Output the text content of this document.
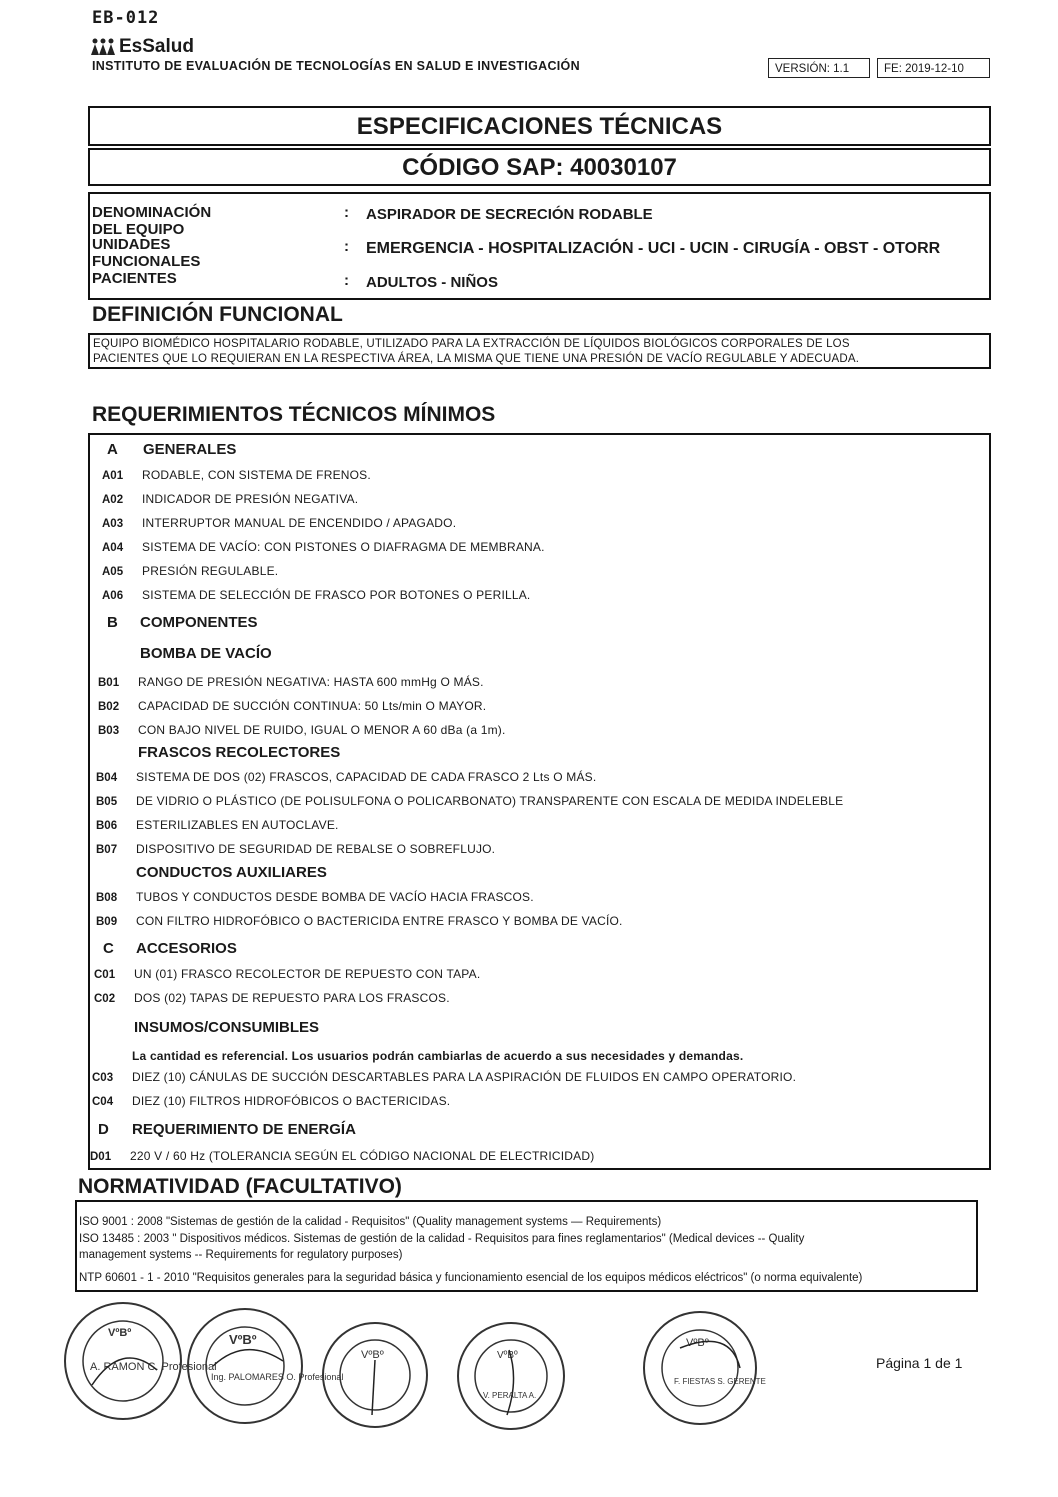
EB-012
EsSalud
INSTITUTO DE EVALUACIÓN DE TECNOLOGÍAS EN SALUD E INVESTIGACIÓN	VERSIÓN: 1.1	FE: 2019-12-10
ESPECIFICACIONES TÉCNICAS
CÓDIGO SAP: 40030107
DENOMINACIÓN DEL EQUIPO
: ASPIRADOR DE SECRECIÓN RODABLE
UNIDADES FUNCIONALES
: EMERGENCIA - HOSPITALIZACIÓN - UCI - UCIN - CIRUGÍA - OBST - OTORR
PACIENTES	: ADULTOS - NIÑOS
DEFINICIÓN FUNCIONAL
EQUIPO BIOMÉDICO HOSPITALARIO RODABLE, UTILIZADO PARA LA EXTRACCIÓN DE LÍQUIDOS BIOLÓGICOS CORPORALES DE LOS
PACIENTES QUE LO REQUIERAN EN LA RESPECTIVA ÁREA, LA MISMA QUE TIENE UNA PRESIÓN DE VACÍO REGULABLE Y ADECUADA.
REQUERIMIENTOS TÉCNICOS MÍNIMOS
A GENERALES
A01 RODABLE, CON SISTEMA DE FRENOS.
A02 INDICADOR DE PRESIÓN NEGATIVA.
A03 INTERRUPTOR MANUAL DE ENCENDIDO / APAGADO.
A04 SISTEMA DE VACÍO: CON PISTONES O DIAFRAGMA DE MEMBRANA.
A05 PRESIÓN REGULABLE.
A06 SISTEMA DE SELECCIÓN DE FRASCO POR BOTONES O PERILLA.
B COMPONENTES
BOMBA DE VACÍO
B01 RANGO DE PRESIÓN NEGATIVA: HASTA 600 mmHg O MÁS.
B02 CAPACIDAD DE SUCCIÓN CONTINUA: 50 Lts/min O MAYOR.
B03 CON BAJO NIVEL DE RUIDO, IGUAL O MENOR A 60 dBa (a 1m).
FRASCOS RECOLECTORES
B04 SISTEMA DE DOS (02) FRASCOS, CAPACIDAD DE CADA FRASCO 2 Lts O MÁS.
B05 DE VIDRIO O PLÁSTICO (DE POLISULFONA O POLICARBONATO) TRANSPARENTE CON ESCALA DE MEDIDA INDELEBLE
B06 ESTERILIZABLES EN AUTOCLAVE.
B07 DISPOSITIVO DE SEGURIDAD DE REBALSE O SOBREFLUJO.
CONDUCTOS AUXILIARES
B08 TUBOS Y CONDUCTOS DESDE BOMBA DE VACÍO HACIA FRASCOS.
B09 CON FILTRO HIDROFÓBICO O BACTERICIDA ENTRE FRASCO Y BOMBA DE VACÍO.
C ACCESORIOS
C01 UN (01) FRASCO RECOLECTOR DE REPUESTO CON TAPA.
C02 DOS (02) TAPAS DE REPUESTO PARA LOS FRASCOS.
INSUMOS/CONSUMIBLES
La cantidad es referencial. Los usuarios podrán cambiarlas de acuerdo a sus necesidades y demandas.
C03 DIEZ (10) CÁNULAS DE SUCCIÓN DESCARTABLES PARA LA ASPIRACIÓN DE FLUIDOS EN CAMPO OPERATORIO.
C04 DIEZ (10) FILTROS HIDROFÓBICOS O BACTERICIDAS.
D REQUERIMIENTO DE ENERGÍA
D01 220 V / 60 Hz (TOLERANCIA SEGÚN EL CÓDIGO NACIONAL DE ELECTRICIDAD)
NORMATIVIDAD (FACULTATIVO)
ISO 9001 : 2008 "Sistemas de gestión de la calidad - Requisitos" (Quality management systems — Requirements)
ISO 13485 : 2003 " Dispositivos médicos. Sistemas de gestión de la calidad - Requisitos para fines reglamentarios" (Medical devices -- Quality
management systems -- Requirements for regulatory purposes)
NTP 60601 - 1 - 2010 "Requisitos generales para la seguridad básica y funcionamiento esencial de los equipos médicos eléctricos" (o norma equivalente)
VºBº
A. RAMON C. Profesional
VºBº
Ing. PALOMARES O. Profesional
VºBº	VºBº
V. PERALTA A.
VºBº
F. FIESTAS S. GERENTE
Página 1 de 1
